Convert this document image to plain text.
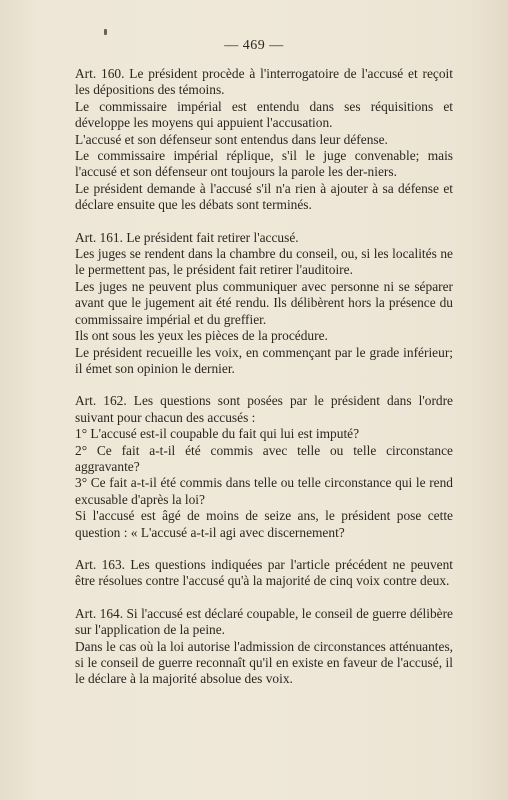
— 469 —

Art. 160. Le président procède à l'interrogatoire de l'accusé et reçoit les dépositions des témoins.

Le commissaire impérial est entendu dans ses réquisitions et développe les moyens qui appuient l'accusation.

L'accusé et son défenseur sont entendus dans leur défense.

Le commissaire impérial réplique, s'il le juge convenable; mais l'accusé et son défenseur ont toujours la parole les der-niers.

Le président demande à l'accusé s'il n'a rien à ajouter à sa défense et déclare ensuite que les débats sont terminés.

Art. 161. Le président fait retirer l'accusé.

Les juges se rendent dans la chambre du conseil, ou, si les localités ne le permettent pas, le président fait retirer l'auditoire.

Les juges ne peuvent plus communiquer avec personne ni se séparer avant que le jugement ait été rendu. Ils délibèrent hors la présence du commissaire impérial et du greffier.

Ils ont sous les yeux les pièces de la procédure.

Le président recueille les voix, en commençant par le grade inférieur; il émet son opinion le dernier.

Art. 162. Les questions sont posées par le président dans l'ordre suivant pour chacun des accusés :

1° L'accusé est-il coupable du fait qui lui est imputé?

2° Ce fait a-t-il été commis avec telle ou telle circonstance aggravante?

3° Ce fait a-t-il été commis dans telle ou telle circonstance qui le rend excusable d'après la loi?

Si l'accusé est âgé de moins de seize ans, le président pose cette question : « L'accusé a-t-il agi avec discernement?

Art. 163. Les questions indiquées par l'article précédent ne peuvent être résolues contre l'accusé qu'à la majorité de cinq voix contre deux.

Art. 164. Si l'accusé est déclaré coupable, le conseil de guerre délibère sur l'application de la peine.

Dans le cas où la loi autorise l'admission de circonstances atténuantes, si le conseil de guerre reconnaît qu'il en existe en faveur de l'accusé, il le déclare à la majorité absolue des voix.
